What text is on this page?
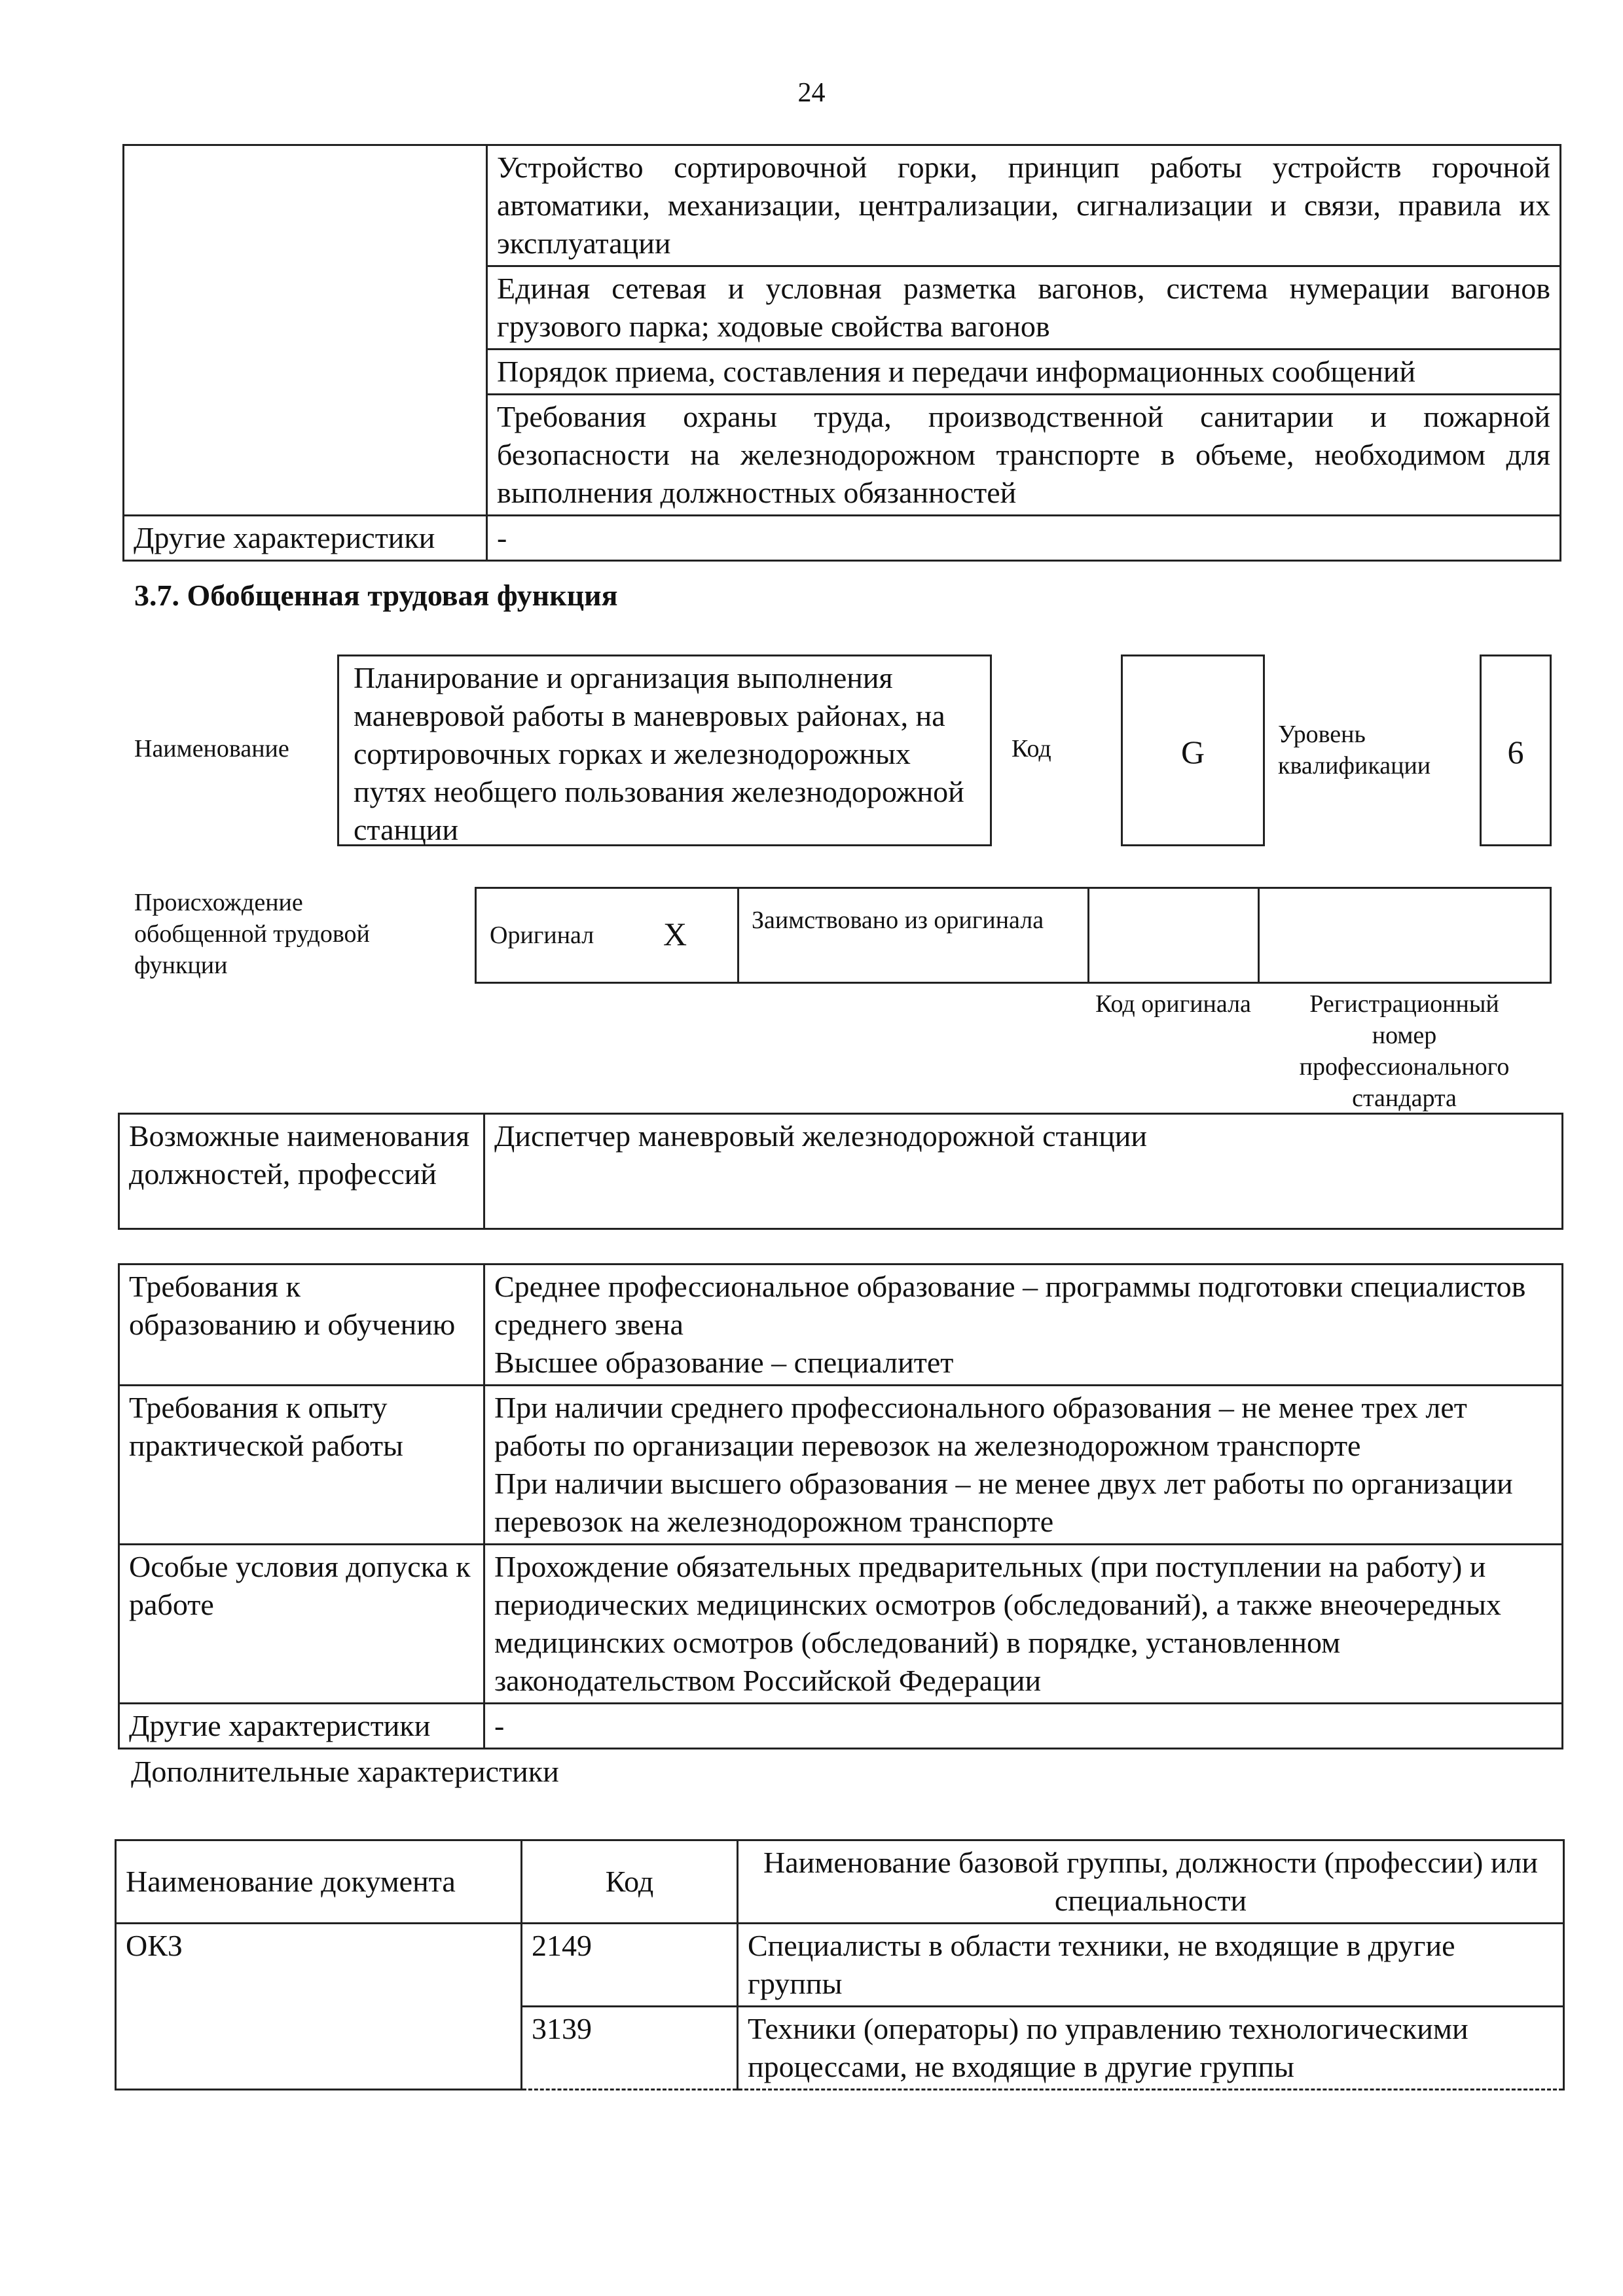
24
	Устройство сортировочной горки, принцип работы устройств горочной автоматики, механизации, централизации, сигнализации и связи, правила их эксплуатации
	Единая сетевая и условная разметка вагонов, система нумерации вагонов грузового парка; ходовые свойства вагонов
	Порядок приема, составления и передачи информационных сообщений
	Требования охраны труда, производственной санитарии и пожарной безопасности на железнодорожном транспорте в объеме, необходимом для выполнения должностных обязанностей
Другие характеристики	-
3.7. Обобщенная трудовая функция
Наименование
Планирование и организация выполнения маневровой работы в маневровых районах, на сортировочных горках и железнодорожных путях необщего пользования железнодорожной станции
Код	G	Уровень квалификации	6
Происхождение обобщенной трудовой функции
Оригинал X	Заимствовано из оригинала
Код оригинала	Регистрационный номер профессионального стандарта
Возможные наименования должностей, профессий	Диспетчер маневровый железнодорожной станции
Требования к образованию и обучению	Среднее профессиональное образование – программы подготовки специалистов среднего звена
Высшее образование – специалитет

Требования к опыту практической работы	При наличии среднего профессионального образования – не менее трех лет работы по организации перевозок на железнодорожном транспорте
При наличии высшего образования – не менее двух лет работы по организации перевозок на железнодорожном транспорте

Особые условия допуска к работе	Прохождение обязательных предварительных (при поступлении на работу) и периодических медицинских осмотров (обследований), а также внеочередных медицинских осмотров (обследований) в порядке, установленном законодательством Российской Федерации

Другие характеристики	-
Дополнительные характеристики
Наименование документа	Код	Наименование базовой группы, должности (профессии) или специальности
ОКЗ	2149	Специалисты в области техники, не входящие в другие группы
	3139	Техники (операторы) по управлению технологическими процессами, не входящие в другие группы
